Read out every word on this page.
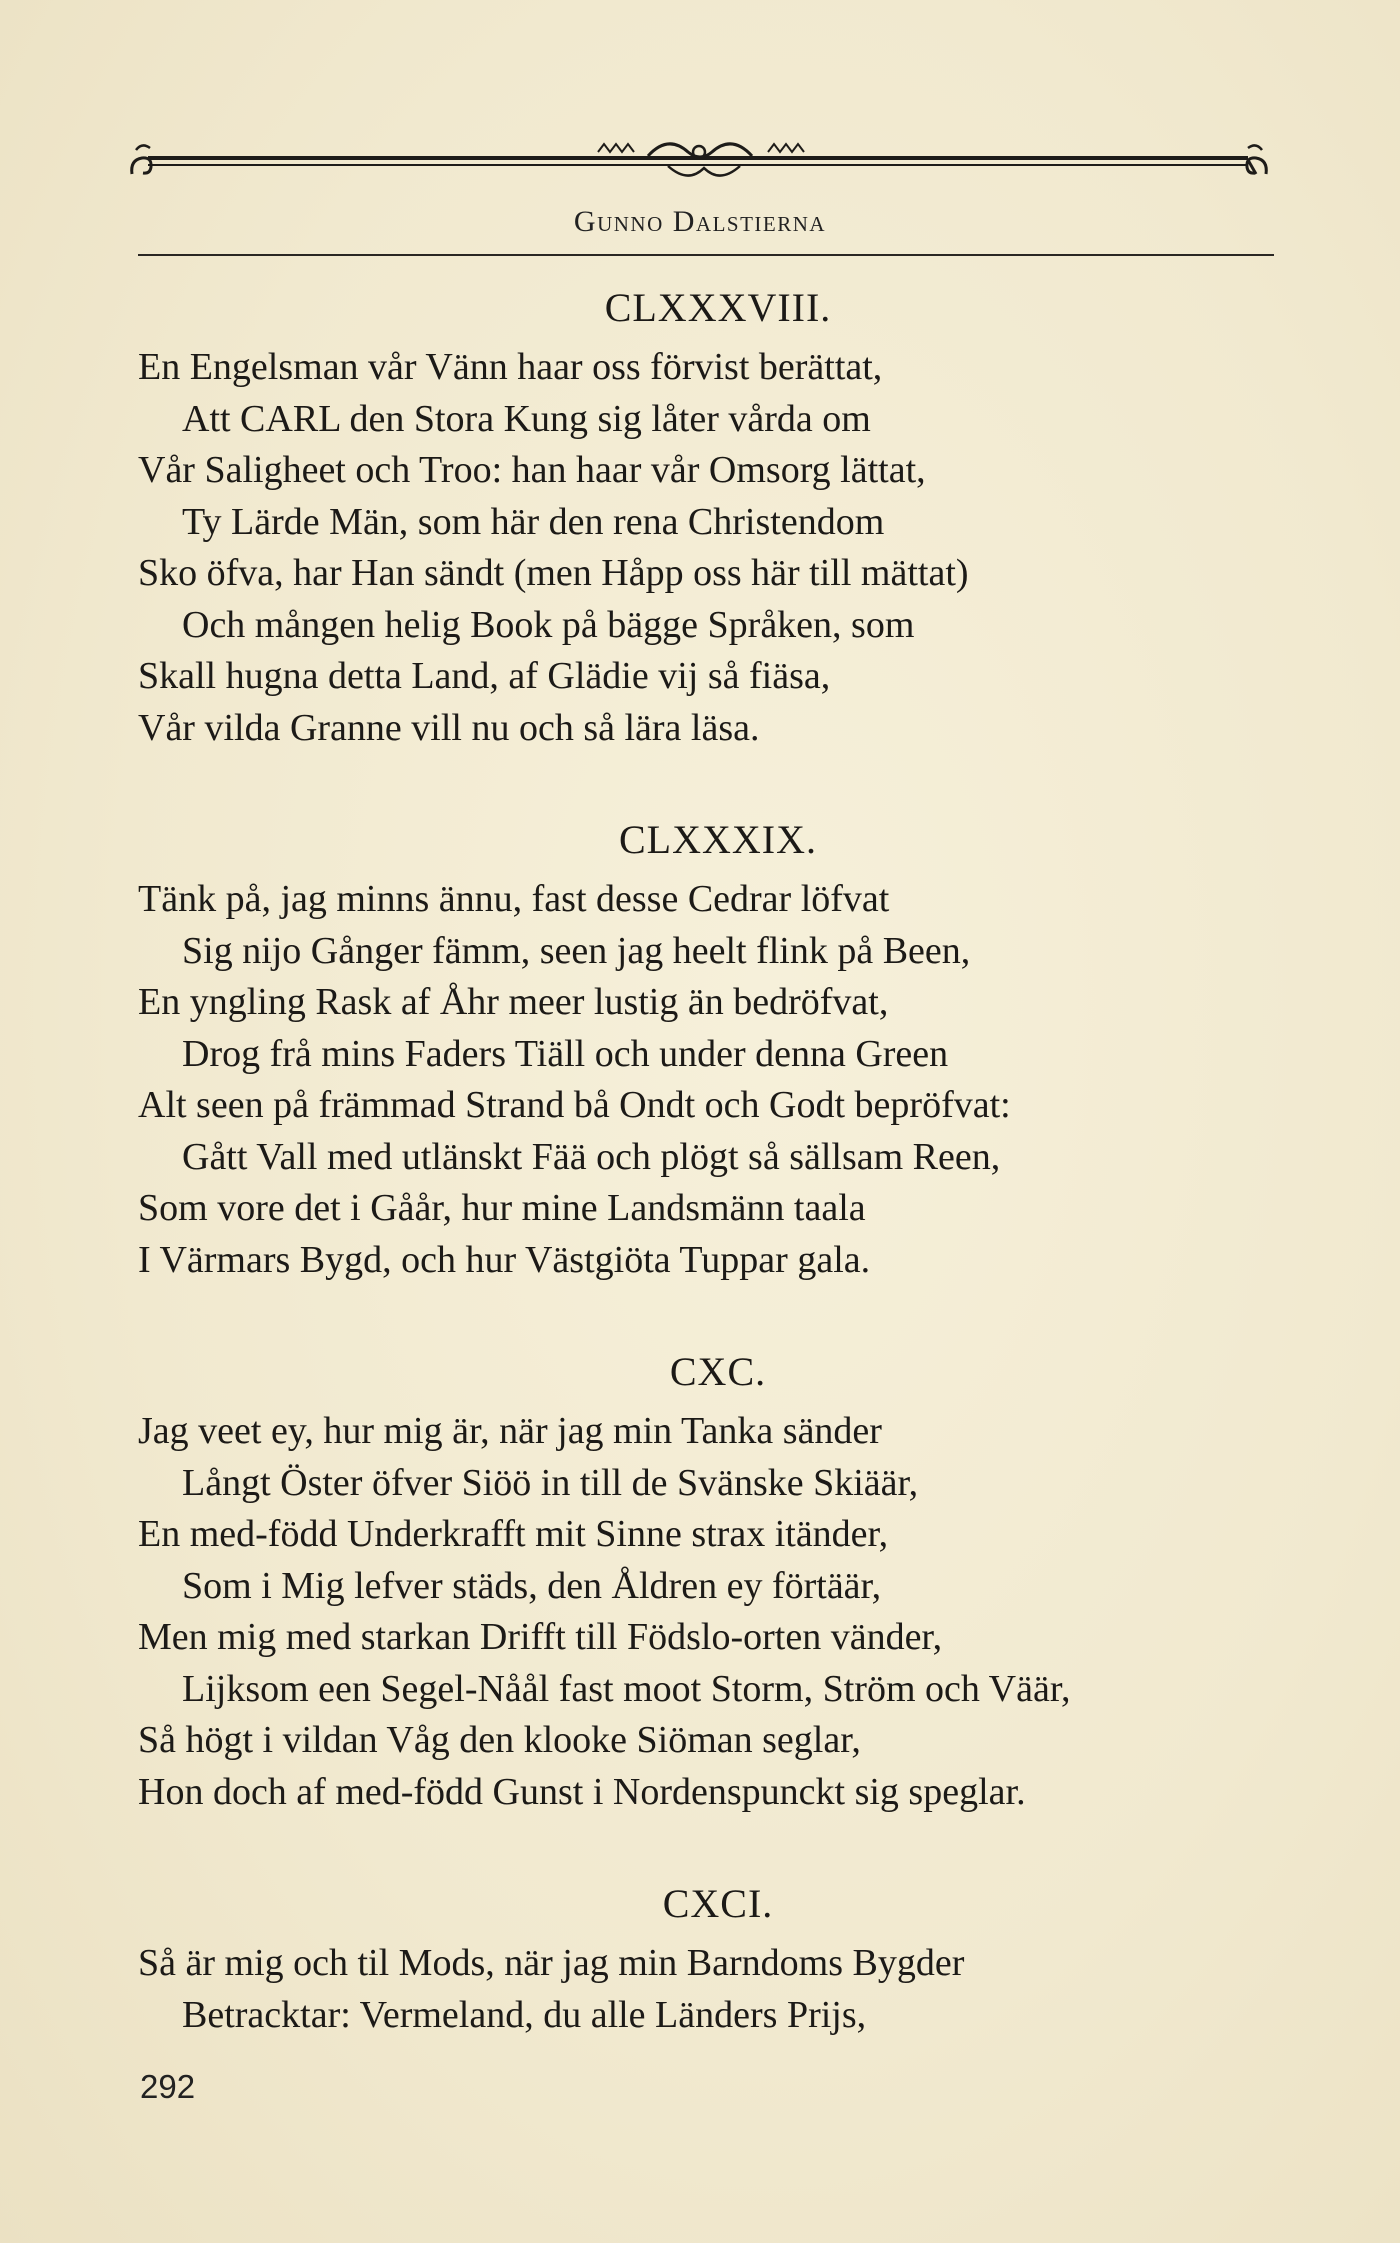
Gunno Dalstierna
CLXXXVIII.
En Engelsman vår Vänn haar oss förvist berättat,
Att CARL den Stora Kung sig låter vårda om
Vår Saligheet och Troo: han haar vår Omsorg lättat,
Ty Lärde Män, som här den rena Christendom
Sko öfva, har Han sändt (men Håpp oss här till mättat)
Och mången helig Book på bägge Språken, som
Skall hugna detta Land, af Glädie vij så fiäsa,
Vår vilda Granne vill nu och så lära läsa.
CLXXXIX.
Tänk på, jag minns ännu, fast desse Cedrar löfvat
Sig nijo Gånger fämm, seen jag heelt flink på Been,
En yngling Rask af Åhr meer lustig än bedröfvat,
Drog frå mins Faders Tiäll och under denna Green
Alt seen på främmad Strand bå Ondt och Godt bepröfvat:
Gått Vall med utlänskt Fää och plögt så sällsam Reen,
Som vore det i Gåår, hur mine Landsmänn taala
I Värmars Bygd, och hur Västgiöta Tuppar gala.
CXC.
Jag veet ey, hur mig är, när jag min Tanka sänder
Långt Öster öfver Siöö in till de Svänske Skiäär,
En med-född Underkrafft mit Sinne strax itänder,
Som i Mig lefver städs, den Åldren ey förtäär,
Men mig med starkan Drifft till Födslo-orten vänder,
Lijksom een Segel-Nåål fast moot Storm, Ström och Väär,
Så högt i vildan Våg den klooke Siöman seglar,
Hon doch af med-född Gunst i Nordenspunckt sig speglar.
CXCI.
Så är mig och til Mods, när jag min Barndoms Bygder
Betracktar: Vermeland, du alle Länders Prijs,
292
